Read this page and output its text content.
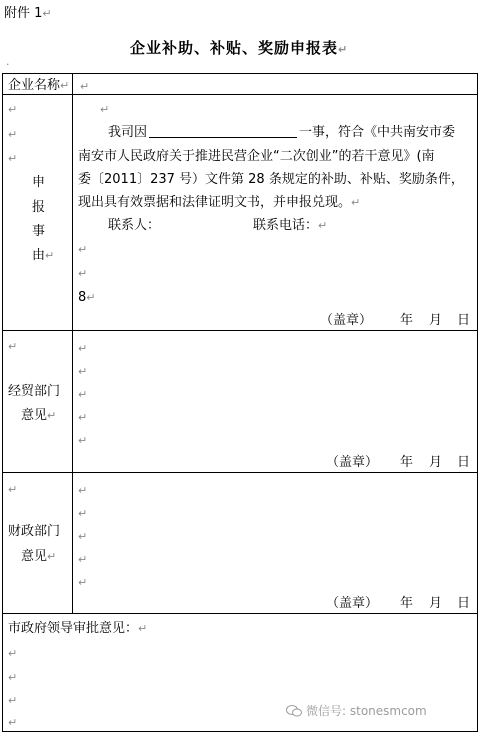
附件 1↵
企业补助、补贴、奖励申报表↵
·
企业名称↵ ↵
↵
↵
↵
申
报
事
由↵
↵
我司因	一事，符合《中共南安市委
南安市人民政府关于推进民营企业“二次创业”的若干意见》(南
委〔2011〕237 号）文件第 28 条规定的补助、补贴、奖励条件，
现出具有效票据和法律证明文书，并申报兑现。↵
联系人：	联系电话：↵
↵
↵
8↵
（盖章） 年 月 日
↵
经贸部门
意见↵
↵
↵
↵
↵
↵
（盖章） 年 月 日
↵
财政部门
意见↵
↵
↵
↵
↵
↵
（盖章） 年 月 日
市政府领导审批意见：↵
↵
↵
↵
↵
微信号: stonesmcom
